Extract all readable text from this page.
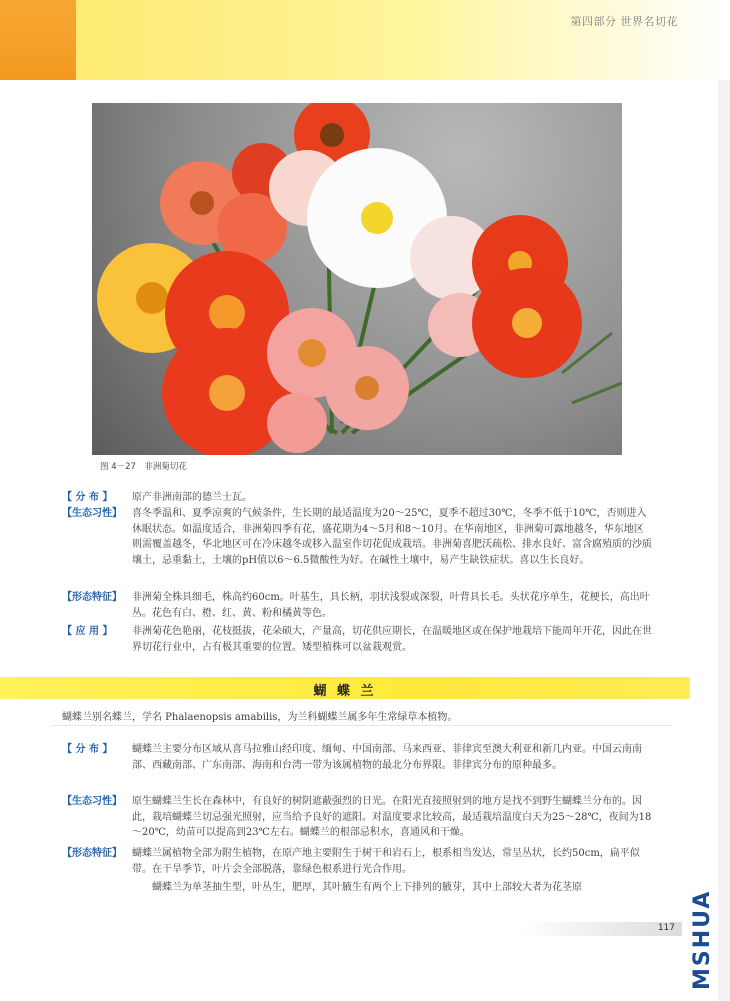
第四部分 世界名切花
图 4－27　非洲菊切花
【 分 布 】	原产非洲南部的德兰士瓦。
【生态习性】	喜冬季温和、夏季凉爽的气候条件，生长期的最适温度为20～25℃，夏季不超过30℃，冬季不低于10℃，否则进入休眠状态。如温度适合，非洲菊四季有花，盛花期为4～5月和8～10月。在华南地区，非洲菊可露地越冬，华东地区则需覆盖越冬，华北地区可在冷床越冬或移入温室作切花促成栽培。非洲菊喜肥沃疏松、排水良好、富含腐殖质的沙质壤土，忌重黏土，土壤的pH值以6～6.5微酸性为好。在碱性土壤中，易产生缺铁症状。喜以生长良好。
【形态特征】	非洲菊全株具细毛，株高约60cm。叶基生，具长柄，羽状浅裂或深裂，叶背具长毛。头状花序单生，花梗长，高出叶丛。花色有白、橙、红、黄、粉和橘黄等色。
【 应 用 】	非洲菊花色艳丽，花枝挺拔，花朵硕大，产量高，切花供应期长，在温暖地区或在保护地栽培下能周年开花，因此在世界切花行业中，占有极其重要的位置。矮型植株可以盆栽观赏。
蝴 蝶 兰
蝴蝶兰别名蝶兰，学名 Phalaenopsis amabilis，为兰科蝴蝶兰属多年生常绿草本植物。
【 分 布 】	蝴蝶兰主要分布区域从喜马拉雅山经印度、缅甸、中国南部、马来西亚、菲律宾至澳大利亚和新几内亚。中国云南南部、西藏南部、广东南部、海南和台湾一带为该属植物的最北分布界限。菲律宾分布的原种最多。
【生态习性】	原生蝴蝶兰生长在森林中，有良好的树阴遮蔽强烈的日光。在阳光直接照射到的地方是找不到野生蝴蝶兰分布的。因此，栽培蝴蝶兰切忌强光照射，应当给予良好的遮阳。对温度要求比较高，最适栽培温度白天为25～28℃，夜间为18～20℃，幼苗可以提高到23℃左右。蝴蝶兰的根部忌积水，喜通风和干燥。
【形态特征】	蝴蝶兰属植物全部为附生植物，在原产地主要附生于树干和岩石上，根系相当发达，常呈丛状，长约50cm，扁平似带。在干旱季节，叶片会全部脱落，靠绿色根系进行光合作用。
蝴蝶兰为单茎抽生型，叶丛生，肥厚，其叶腋生有两个上下排列的腋芽，其中上部较大者为花茎原
117 MSHUA
